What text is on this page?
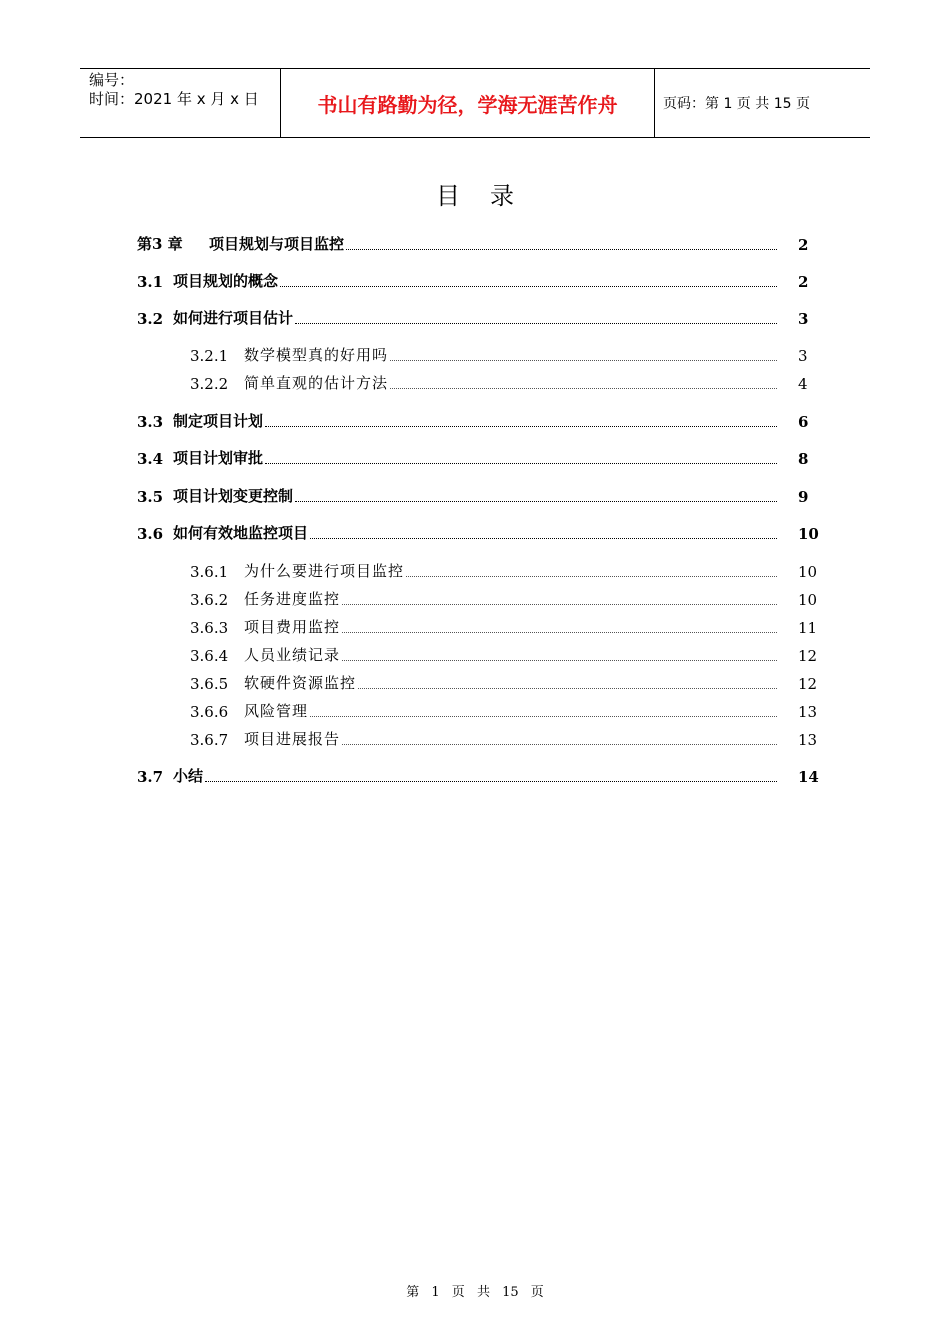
编号：
时间：2021 年 x 月 x 日	书山有路勤为径，学海无涯苦作舟	页码：第 1 页 共 15 页
目录
第3 章	项目规划与项目监控	2
3.1 项目规划的概念	2
3.2 如何进行项目估计	3
3.2.1	数学模型真的好用吗	3
3.2.2	简单直观的估计方法	4
3.3 制定项目计划	6
3.4 项目计划审批	8
3.5 项目计划变更控制	9
3.6 如何有效地监控项目	10
3.6.1	为什么要进行项目监控	10
3.6.2	任务进度监控	10
3.6.3	项目费用监控	11
3.6.4	人员业绩记录	12
3.6.5	软硬件资源监控	12
3.6.6	风险管理	13
3.6.7	项目进展报告	13
3.7 小结	14
第 1 页 共 15 页
